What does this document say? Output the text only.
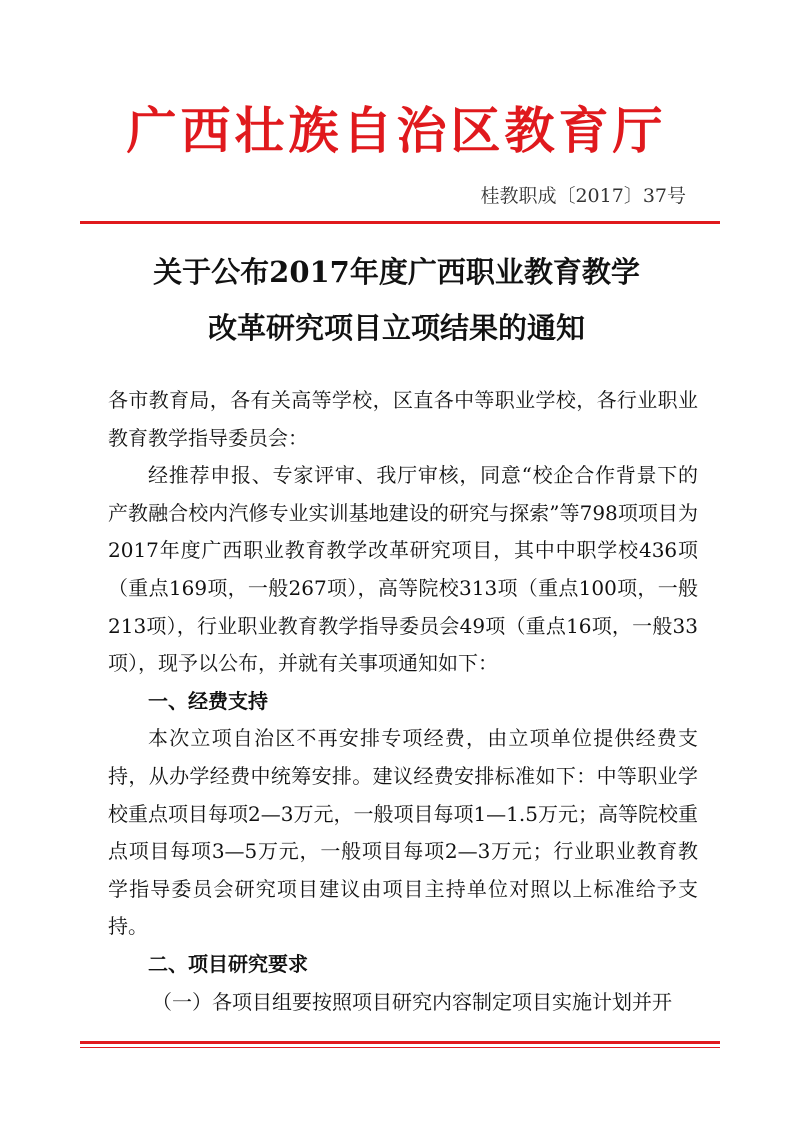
广西壮族自治区教育厅
桂教职成〔2017〕37号
关于公布2017年度广西职业教育教学
改革研究项目立项结果的通知

各市教育局，各有关高等学校，区直各中等职业学校，各行业职业教育教学指导委员会：

经推荐申报、专家评审、我厅审核，同意“校企合作背景下的产教融合校内汽修专业实训基地建设的研究与探索”等798项项目为2017年度广西职业教育教学改革研究项目，其中中职学校436项（重点169项，一般267项），高等院校313项（重点100项，一般213项），行业职业教育教学指导委员会49项（重点16项，一般33项），现予以公布，并就有关事项通知如下：

一、经费支持

本次立项自治区不再安排专项经费，由立项单位提供经费支持，从办学经费中统筹安排。建议经费安排标准如下：中等职业学校重点项目每项2—3万元，一般项目每项1—1.5万元；高等院校重点项目每项3—5万元，一般项目每项2—3万元；行业职业教育教学指导委员会研究项目建议由项目主持单位对照以上标准给予支持。

二、项目研究要求

（一）各项目组要按照项目研究内容制定项目实施计划并开
